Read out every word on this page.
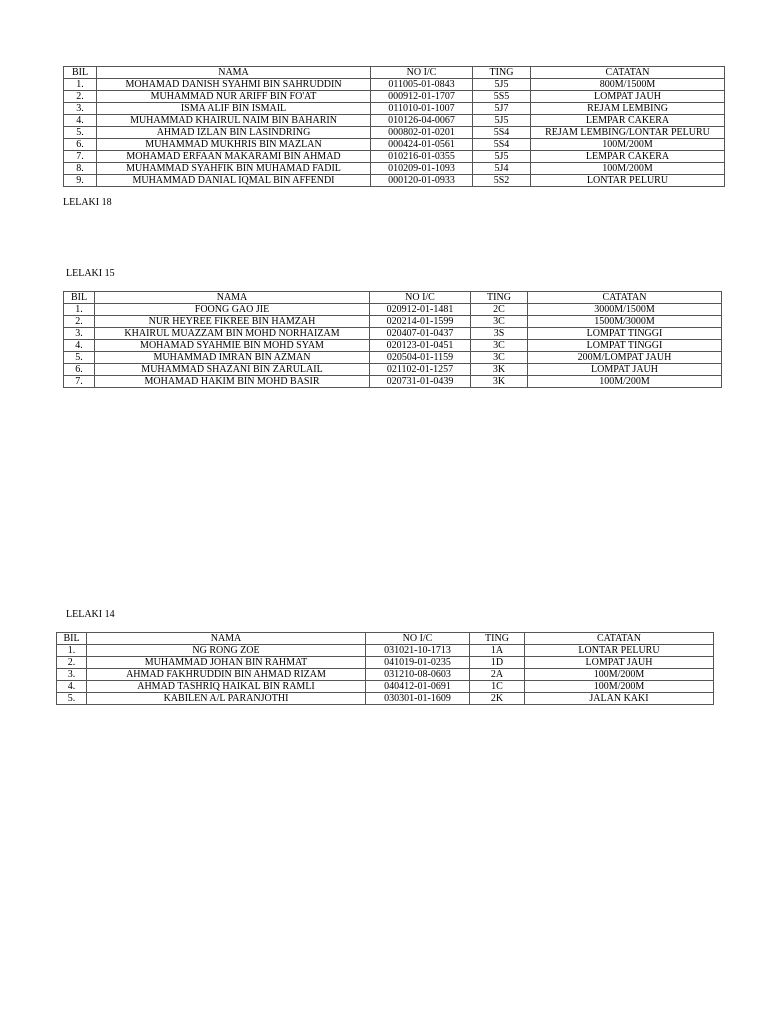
BIL	NAMA	NO I/C	TING	CATATAN
1.	MOHAMAD DANISH SYAHMI BIN SAHRUDDIN	011005-01-0843	5J5	800M/1500M
2.	MUHAMMAD NUR ARIFF BIN FO'AT	000912-01-1707	5S5	LOMPAT JAUH
3.	ISMA ALIF BIN ISMAIL	011010-01-1007	5J7	REJAM LEMBING
4.	MUHAMMAD KHAIRUL NAIM BIN BAHARIN	010126-04-0067	5J5	LEMPAR CAKERA
5.	AHMAD IZLAN BIN LASINDRING	000802-01-0201	5S4	REJAM LEMBING/LONTAR PELURU
6.	MUHAMMAD MUKHRIS BIN MAZLAN	000424-01-0561	5S4	100M/200M
7.	MOHAMAD ERFAAN MAKARAMI BIN AHMAD	010216-01-0355	5J5	LEMPAR CAKERA
8.	MUHAMMAD SYAHFIK BIN MUHAMAD FADIL	010209-01-1093	5J4	100M/200M
9.	MUHAMMAD DANIAL IQMAL BIN AFFENDI	000120-01-0933	5S2	LONTAR PELURU
LELAKI 18
LELAKI 15
BIL	NAMA	NO I/C	TING	CATATAN
1.	FOONG GAO JIE	020912-01-1481	2C	3000M/1500M
2.	NUR HEYREE FIKREE BIN HAMZAH	020214-01-1599	3C	1500M/3000M
3.	KHAIRUL MUAZZAM BIN MOHD NORHAIZAM	020407-01-0437	3S	LOMPAT TINGGI
4.	MOHAMAD SYAHMIE BIN MOHD SYAM	020123-01-0451	3C	LOMPAT TINGGI
5.	MUHAMMAD IMRAN BIN AZMAN	020504-01-1159	3C	200M/LOMPAT JAUH
6.	MUHAMMAD SHAZANI BIN ZARULAIL	021102-01-1257	3K	LOMPAT JAUH
7.	MOHAMAD HAKIM BIN MOHD BASIR	020731-01-0439	3K	100M/200M
LELAKI 14
BIL	NAMA	NO I/C	TING	CATATAN
1.	NG RONG ZOE	031021-10-1713	1A	LONTAR PELURU
2.	MUHAMMAD JOHAN BIN RAHMAT	041019-01-0235	1D	LOMPAT JAUH
3.	AHMAD FAKHRUDDIN BIN AHMAD RIZAM	031210-08-0603	2A	100M/200M
4.	AHMAD TASHRIQ HAIKAL BIN RAMLI	040412-01-0691	1C	100M/200M
5.	KABILEN A/L PARANJOTHI	030301-01-1609	2K	JALAN KAKI
